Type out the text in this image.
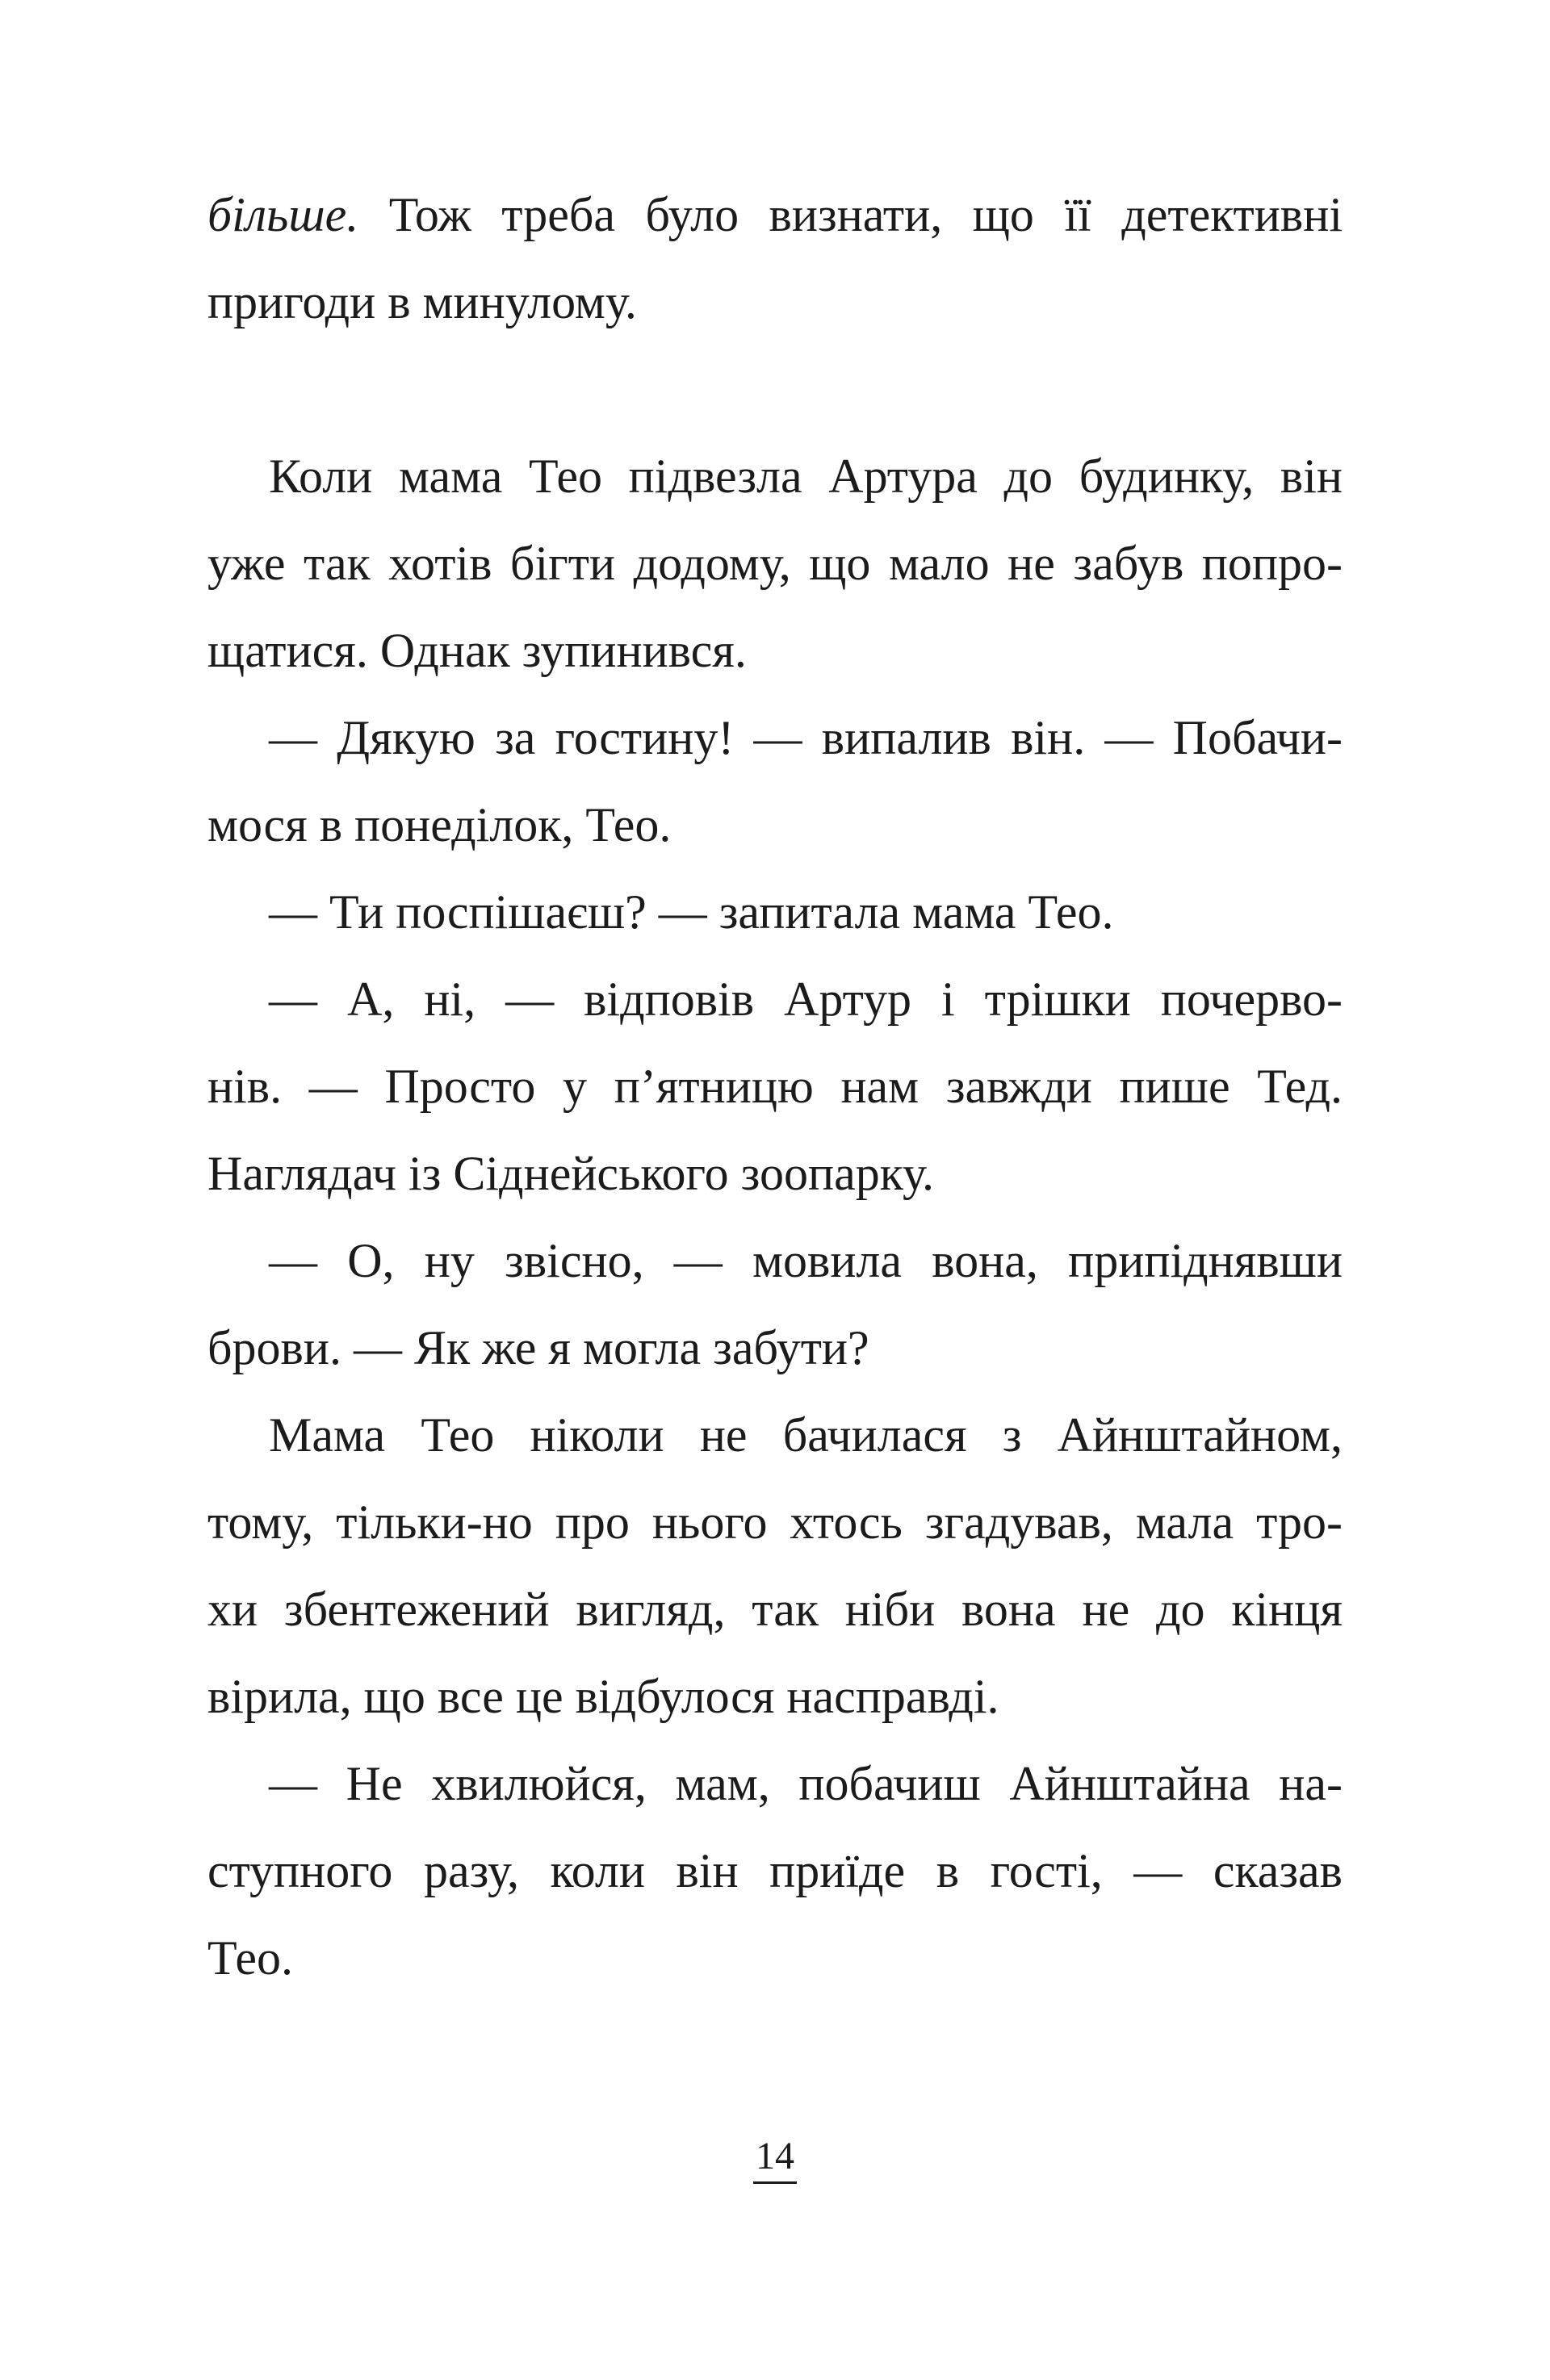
більше. Тож треба було визнати, що її детективні
пригоди в минулому.

Коли мама Тео підвезла Артура до будинку, він
уже так хотів бігти додому, що мало не забув попро-
щатися. Однак зупинився.

— Дякую за гостину! — випалив він. — Побачи-
мося в понеділок, Тео.

— Ти поспішаєш? — запитала мама Тео.

— А, ні, — відповів Артур і трішки почерво-
нів. — Просто у п’ятницю нам завжди пише Тед.
Наглядач із Сіднейського зоопарку.

— О, ну звісно, — мовила вона, припіднявши
брови. — Як же я могла забути?

Мама Тео ніколи не бачилася з Айнштайном,
тому, тільки-но про нього хтось згадував, мала тро-
хи збентежений вигляд, так ніби вона не до кінця
вірила, що все це відбулося насправді.

— Не хвилюйся, мам, побачиш Айнштайна на-
ступного разу, коли він приїде в гості, — сказав
Тео.

14
